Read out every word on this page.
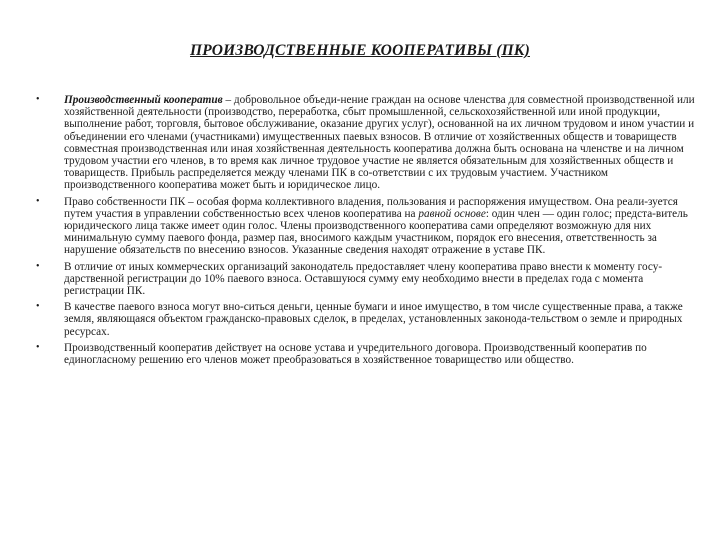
ПРОИЗВОДСТВЕННЫЕ КООПЕРАТИВЫ (ПК)
• Производственный кооператив – добровольное объеди-нение граждан на основе членства для совместной производственной или хозяйственной деятельности (производство, переработка, сбыт промышленной, сельскохозяйственной или иной продукции, выполнение работ, торговля, бытовое обслуживание, оказание других услуг), основанной на их личном трудовом и ином участии и объединении его членами (участниками) имущественных паевых взносов. В отличие от хозяйственных обществ и товариществ совместная производственная или иная хозяйственная деятельность кооператива должна быть основана на членстве и на личном трудовом участии его членов, в то время как личное трудовое участие не является обязательным для хозяйственных обществ и товариществ. Прибыль распределяется между членами ПК в со-ответствии с их трудовым участием. Участником производственного кооператива может быть и юридическое лицо.
• Право собственности ПК – особая форма коллективного владения, пользования и распоряжения имуществом. Она реали-зуется путем участия в управлении собственностью всех членов кооператива на равной основе: один член — один голос; предста-витель юридического лица также имеет один голос. Члены производственного кооператива сами определяют возможную для них минимальную сумму паевого фонда, размер пая, вносимого каждым участником, порядок его внесения, ответственность за нарушение обязательств по внесению взносов. Указанные сведения находят отражение в уставе ПК.
• В отличие от иных коммерческих организаций законодатель предоставляет члену кооператива право внести к моменту госу-дарственной регистрации до 10% паевого взноса. Оставшуюся сумму ему необходимо внести в пределах года с момента регистрации ПК.
• В качестве паевого взноса могут вно-ситься деньги, ценные бумаги и иное имущество, в том числе существенные права, а также земля, являющаяся объектом гражданско-правовых сделок, в пределах, установленных законода-тельством о земле и природных ресурсах.
• Производственный кооператив действует на основе устава и учредительного договора. Производственный кооператив по единогласному решению его членов может преобразоваться в хозяйственное товарищество или общество.
